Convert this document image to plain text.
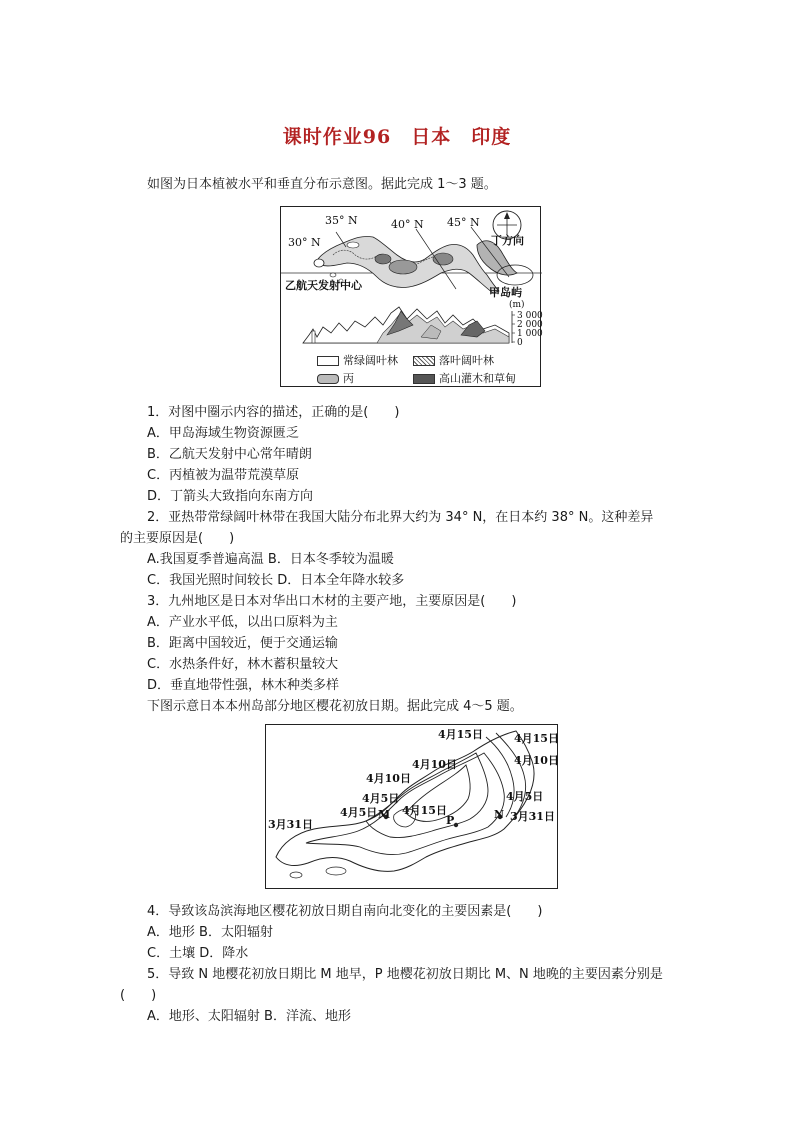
课时作业96　日本　印度
如图为日本植被水平和垂直分布示意图。据此完成 1～3 题。
30° N
35° N	40° N 45° N
丁方向
乙航天发射中心
甲岛屿
(m)
3 000
2 000
1 000
0
常绿阔叶林	落叶阔叶林
丙	高山灌木和草甸
1．对图中圈示内容的描述，正确的是(　　)
A．甲岛海域生物资源匮乏
B．乙航天发射中心常年晴朗
C．丙植被为温带荒漠草原
D．丁箭头大致指向东南方向
2．亚热带常绿阔叶林带在我国大陆分布北界大约为 34° N，在日本约 38° N。这种差异
的主要原因是(　　)
A.我国夏季普遍高温 B．日本冬季较为温暖
C．我国光照时间较长 D．日本全年降水较多
3．九州地区是日本对华出口木材的主要产地，主要原因是(　　)
A．产业水平低，以出口原料为主
B．距离中国较近，便于交通运输
C．水热条件好，林木蓄积量较大
D．垂直地带性强，林木种类多样
下图示意日本本州岛部分地区樱花初放日期。据此完成 4～5 题。
4月15日	4月15日
4月10日	4月10日
4月10日
4月5日
4月5日
4月5日
4月15日
3月31日
3月31日
M	P	N
4．导致该岛滨海地区樱花初放日期自南向北变化的主要因素是(　　)
A．地形 B．太阳辐射
C．土壤 D．降水
5．导致 N 地樱花初放日期比 M 地早，P 地樱花初放日期比 M、N 地晚的主要因素分别是
(　　)
A．地形、太阳辐射 B．洋流、地形
